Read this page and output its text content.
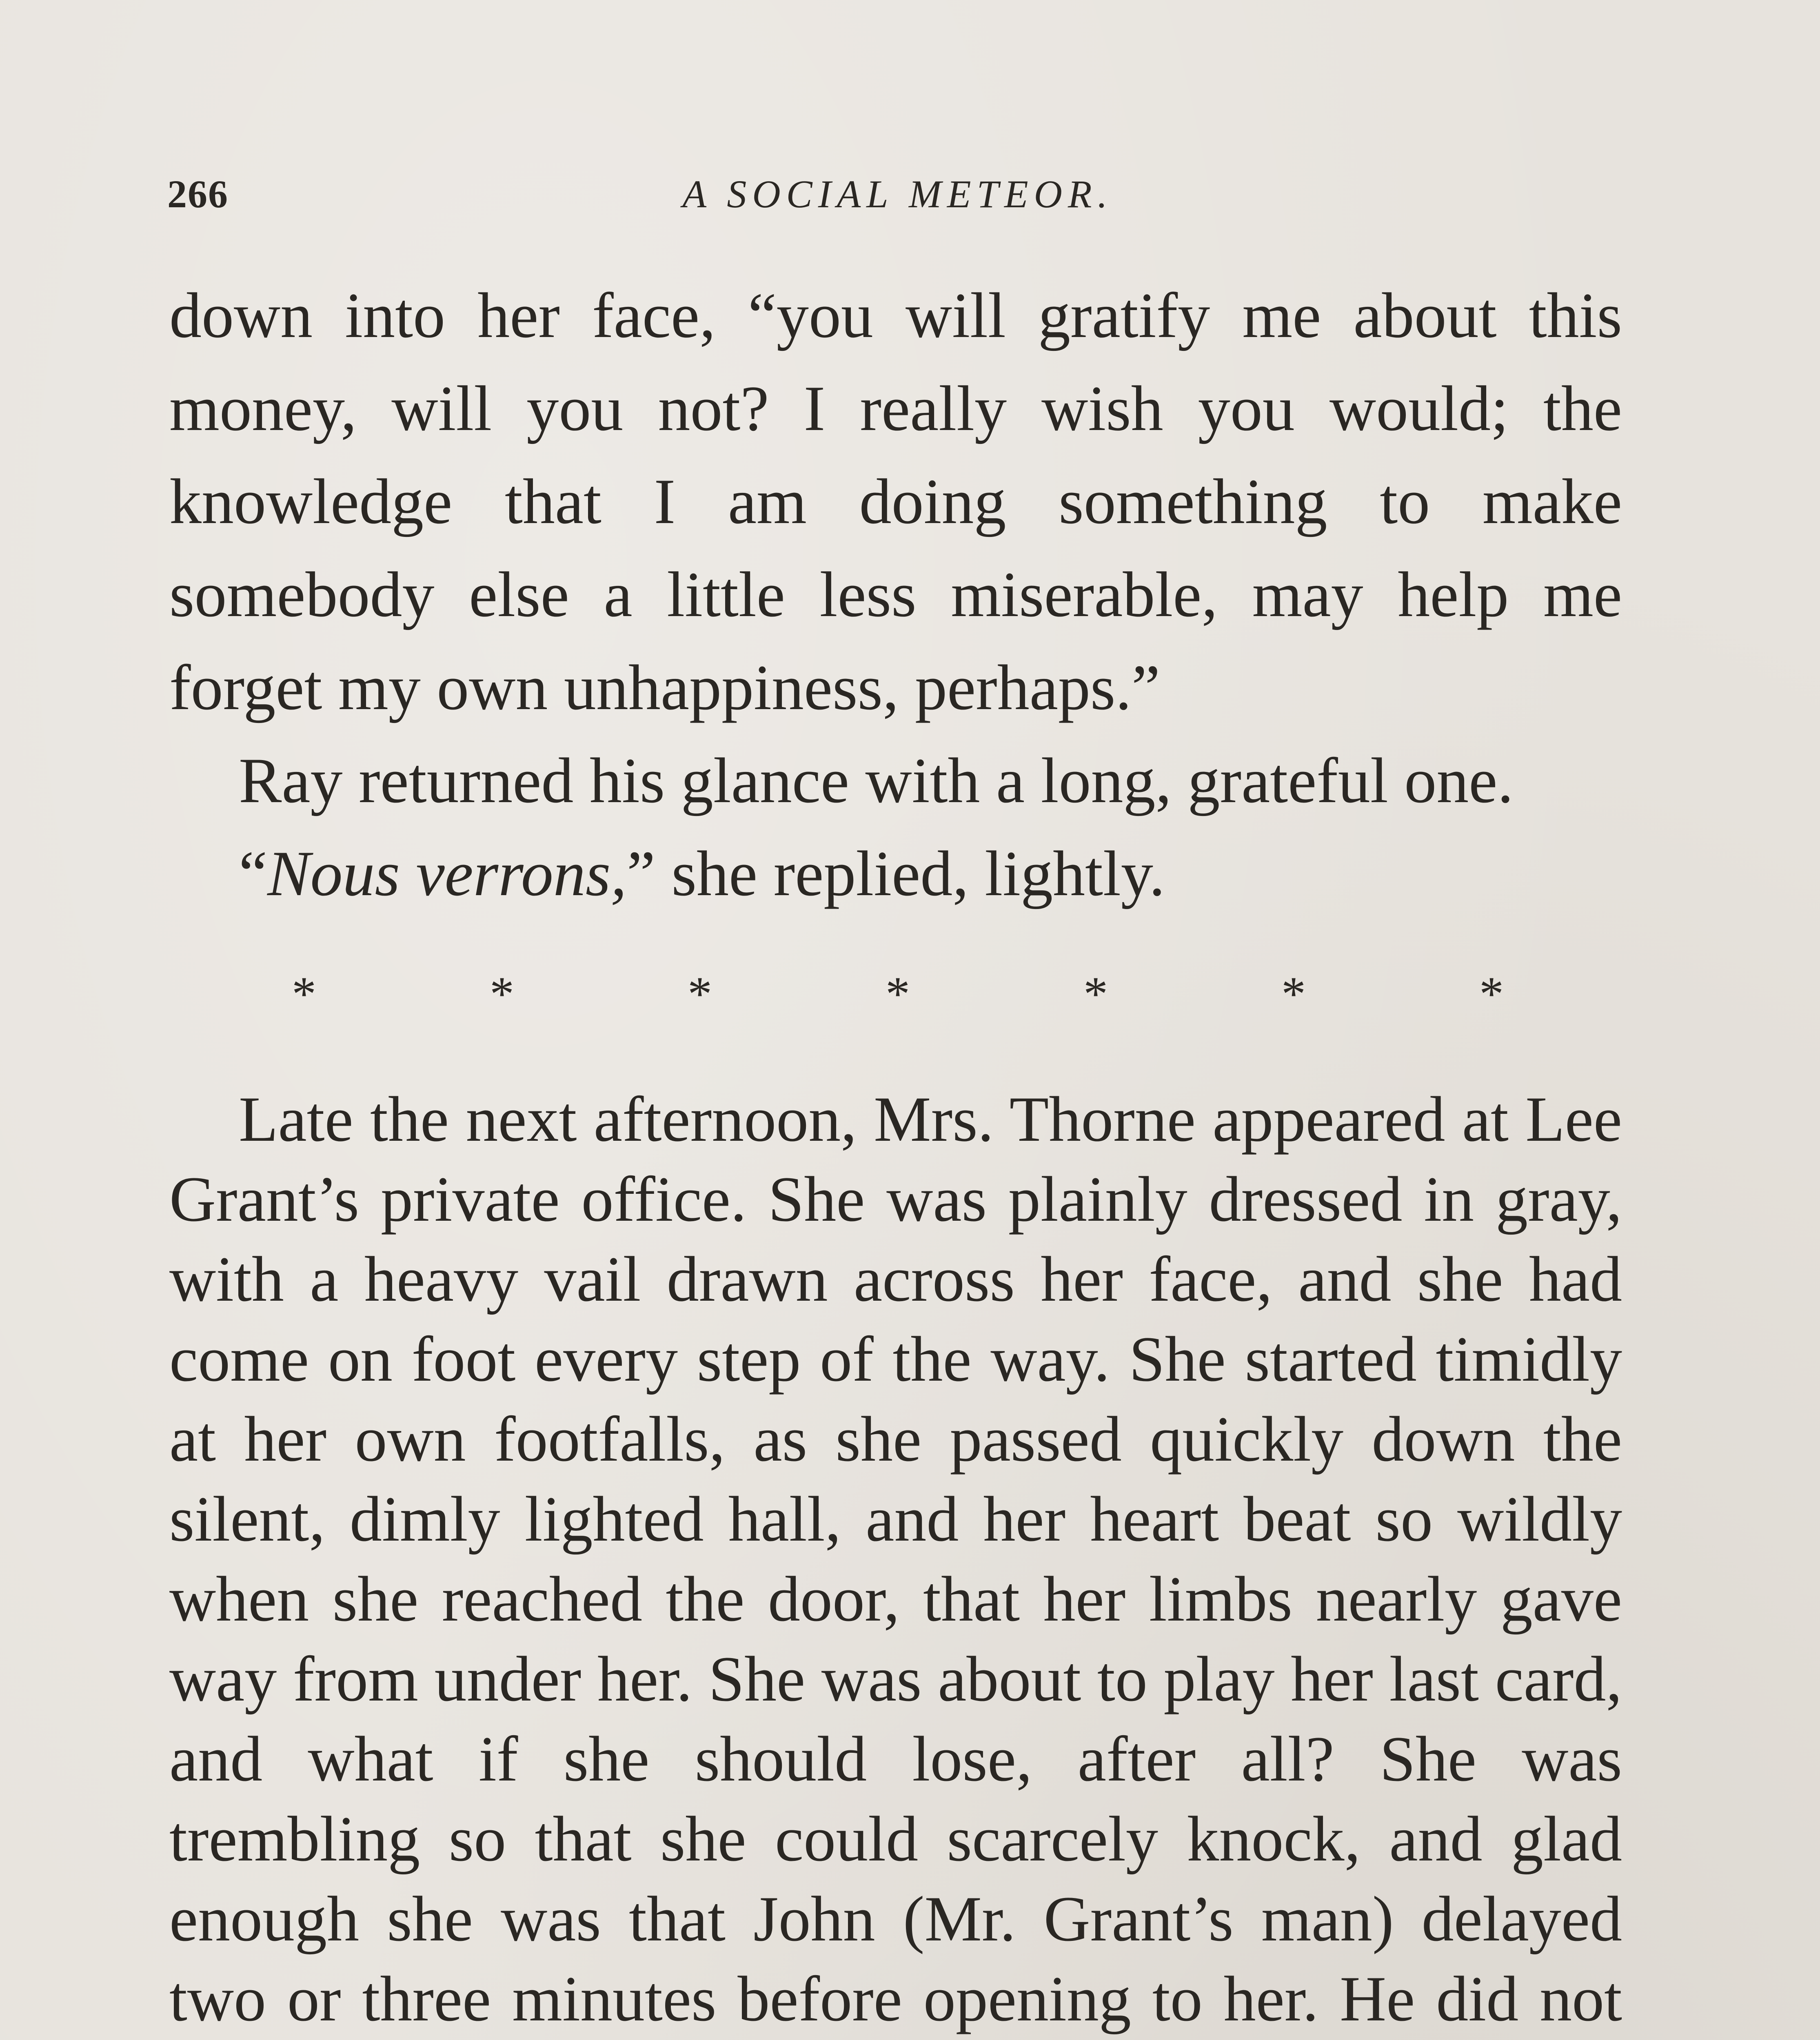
266	A SOCIAL METEOR.

down into her face, “you will gratify me about this money, will you not? I really wish you would; the knowledge that I am doing something to make somebody else a little less miserable, may help me forget my own unhappiness, perhaps.”

Ray returned his glance with a long, grateful one.

“Nous verrons,” she replied, lightly.

*	*	*	*	*	*	*

Late the next afternoon, Mrs. Thorne appeared at Lee Grant’s private office. She was plainly dressed in gray, with a heavy vail drawn across her face, and she had come on foot every step of the way. She started timidly at her own footfalls, as she passed quickly down the silent, dimly lighted hall, and her heart beat so wildly when she reached the door, that her limbs nearly gave way from under her. She was about to play her last card, and what if she should lose, after all? She was trembling so that she could scarcely knock, and glad enough she was that John (Mr. Grant’s man) delayed two or three minutes before opening to her. He did not
